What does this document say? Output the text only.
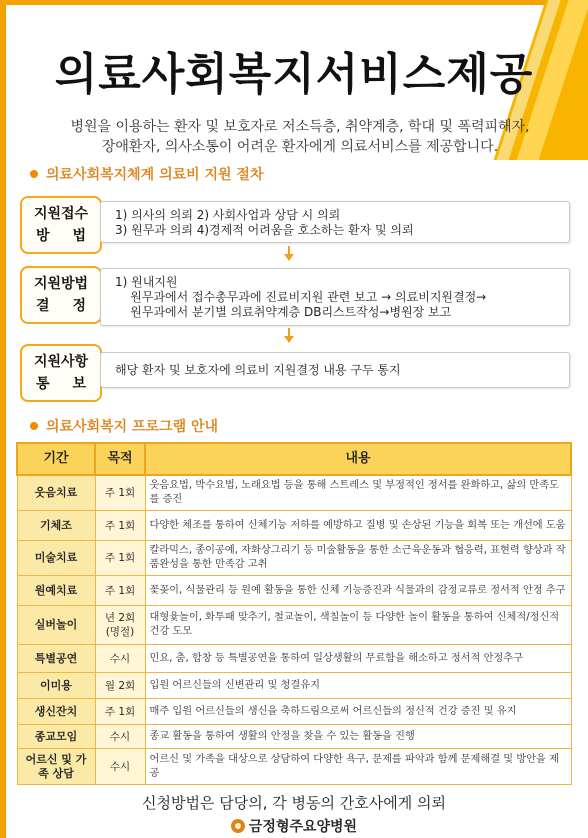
의료사회복지서비스제공
병원을 이용하는 환자 및 보호자로 저소득층, 취약계층, 학대 및 폭력피해자,
장애환자, 의사소통이 어려운 환자에게 의료서비스를 제공합니다.
의료사회복지체계 의료비 지원 절차
지원접수
방 법
1) 의사의 의뢰 2) 사회사업과 상담 시 의뢰
3) 원무과 의뢰 4)경제적 어려움을 호소하는 환자 및 의뢰
지원방법
결 정
1) 원내지원
원무과에서 접수총무과에 진료비지원 관련 보고 → 의료비지원결정→
원무과에서 분기별 의료취약계층 DB리스트작성→병원장 보고
지원사항
통 보
해당 환자 및 보호자에 의료비 지원결정 내용 구두 통지
의료사회복지 프로그램 안내
기간	목적	내용
웃음치료	주 1회	웃음요법, 박수요법, 노래요법 등을 통해 스트레스 및 부정적인 정서를 완화하고, 삶의 만족도를 증진
기체조	주 1회	다양한 체조를 통하여 신체기능 저하를 예방하고 질병 및 손상된 기능을 회복 또는 개선에 도움
미술치료	주 1회	칼라믹스, 종이공예, 자화상그리기 등 미술활동을 통한 소근육운동과 협응력, 표현력 향상과 작품완성을 통한 만족감 고취
원예치료	주 1회	꽃꽂이, 식물관리 등 원예 활동을 통한 신체 기능증진과 식물과의 감정교류로 정서적 안정 추구
실버놀이	년 2회
(명절)	대형윷놀이, 화투패 맞추기, 철교놀이, 색칠놀이 등 다양한 놀이 활동을 통하여 신체적/정신적 건강 도모
특별공연	수시	민요, 춤, 합창 등 특별공연을 통하여 일상생활의 무료함을 해소하고 정서적 안정추구
이미용	월 2회	입원 어르신들의 신변관리 및 청결유지
생신잔치	주 1회	매주 입원 어르신들의 생신을 축하드림으로써 어르신들의 정신적 건강 증진 및 유지
종교모임	수시	종교 활동을 통하여 생활의 안정을 찾을 수 있는 활동을 진행
어르신 및 가족 상담	수시	어르신 및 가족을 대상으로 상담하여 다양한 욕구, 문제를 파악과 함께 문제해결 및 방안을 제공
신청방법은 담당의, 각 병동의 간호사에게 의뢰
금정형주요양병원
